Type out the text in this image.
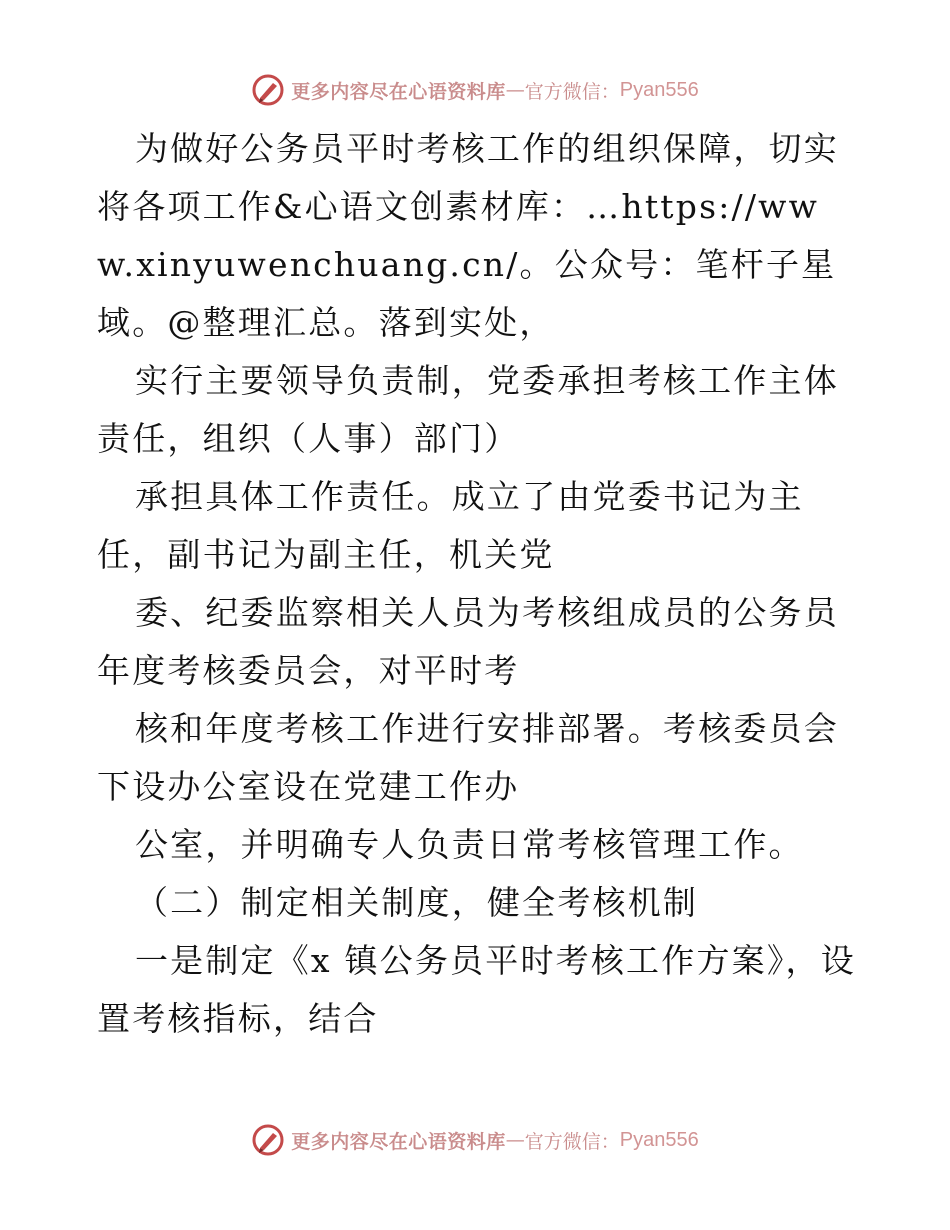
更多内容尽在心语资料库 — 官方微信： Pyan556

为做好公务员平时考核工作的组织保障，切实将各项工作&心语文创素材库：…https://www.xinyuwenchuang.cn/。公众号：笔杆子星域。@整理汇总。落到实处，

实行主要领导负责制，党委承担考核工作主体责任，组织（人事）部门）

承担具体工作责任。成立了由党委书记为主任，副书记为副主任，机关党

委、纪委监察相关人员为考核组成员的公务员年度考核委员会，对平时考

核和年度考核工作进行安排部署。考核委员会下设办公室设在党建工作办

公室，并明确专人负责日常考核管理工作。

（二）制定相关制度，健全考核机制

一是制定《x 镇公务员平时考核工作方案》，设置考核指标，结合

更多内容尽在心语资料库 — 官方微信： Pyan556
